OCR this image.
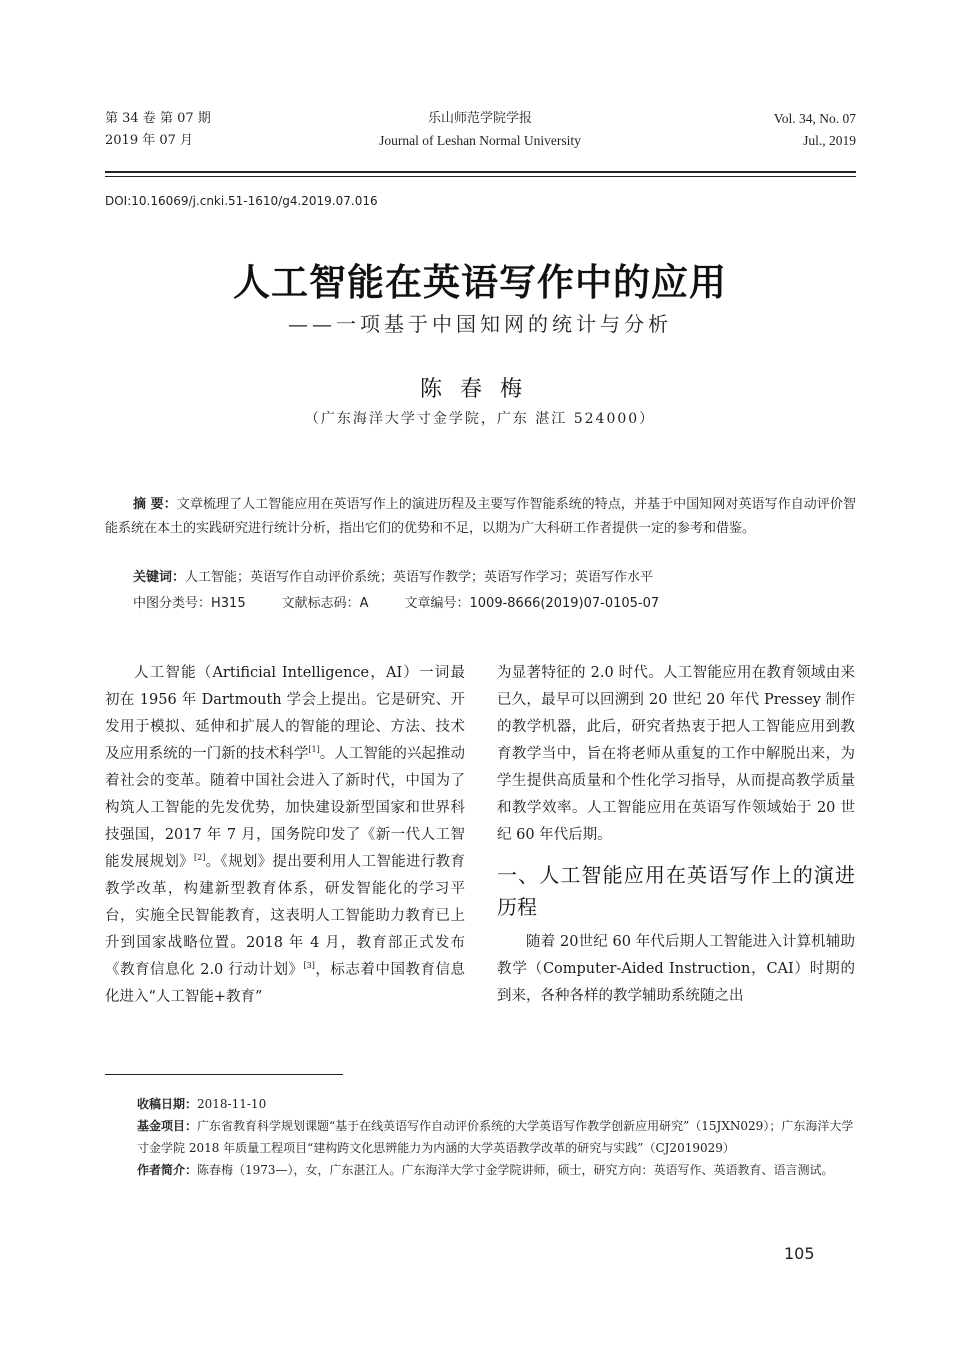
第 34 卷 第 07 期
2019 年 07 月
乐山师范学院学报
Journal of Leshan Normal University
Vol. 34, No. 07
Jul., 2019
DOI:10.16069/j.cnki.51-1610/g4.2019.07.016
人工智能在英语写作中的应用
——一项基于中国知网的统计与分析
陈春梅
（广东海洋大学寸金学院，广东 湛江 524000）
摘 要：文章梳理了人工智能应用在英语写作上的演进历程及主要写作智能系统的特点，并基于中国知网对英语写作自动评价智能系统在本土的实践研究进行统计分析，指出它们的优势和不足，以期为广大科研工作者提供一定的参考和借鉴。
关键词：人工智能；英语写作自动评价系统；英语写作教学；英语写作学习；英语写作水平
中图分类号：H315	文献标志码：A	文章编号：1009-8666(2019)07-0105-07

人工智能（Artificial Intelligence，AI）一词最初在 1956 年 Dartmouth 学会上提出。它是研究、开发用于模拟、延伸和扩展人的智能的理论、方法、技术及应用系统的一门新的技术科学[1]。人工智能的兴起推动着社会的变革。随着中国社会进入了新时代，中国为了构筑人工智能的先发优势，加快建设新型国家和世界科技强国，2017 年 7 月，国务院印发了《新一代人工智能发展规划》[2]。《规划》提出要利用人工智能进行教育教学改革，构建新型教育体系，研发智能化的学习平台，实施全民智能教育，这表明人工智能助力教育已上升到国家战略位置。2018 年 4 月，教育部正式发布《教育信息化 2.0 行动计划》[3]，标志着中国教育信息化进入“人工智能+教育”

为显著特征的 2.0 时代。人工智能应用在教育领域由来已久，最早可以回溯到 20 世纪 20 年代 Pressey 制作的教学机器，此后，研究者热衷于把人工智能应用到教育教学当中，旨在将老师从重复的工作中解脱出来，为学生提供高质量和个性化学习指导，从而提高教学质量和教学效率。人工智能应用在英语写作领域始于 20 世纪 60 年代后期。

一、人工智能应用在英语写作上的演进历程

随着 20世纪 60 年代后期人工智能进入计算机辅助教学（Computer-Aided Instruction，CAI）时期的到来，各种各样的教学辅助系统随之出

收稿日期：2018-11-10

基金项目：广东省教育科学规划课题“基于在线英语写作自动评价系统的大学英语写作教学创新应用研究”（15JXN029）；广东海洋大学寸金学院 2018 年质量工程项目“建构跨文化思辨能力为内涵的大学英语教学改革的研究与实践”（CJ2019029）

作者简介：陈春梅（1973—），女，广东湛江人。广东海洋大学寸金学院讲师，硕士，研究方向：英语写作、英语教育、语言测试。

105
